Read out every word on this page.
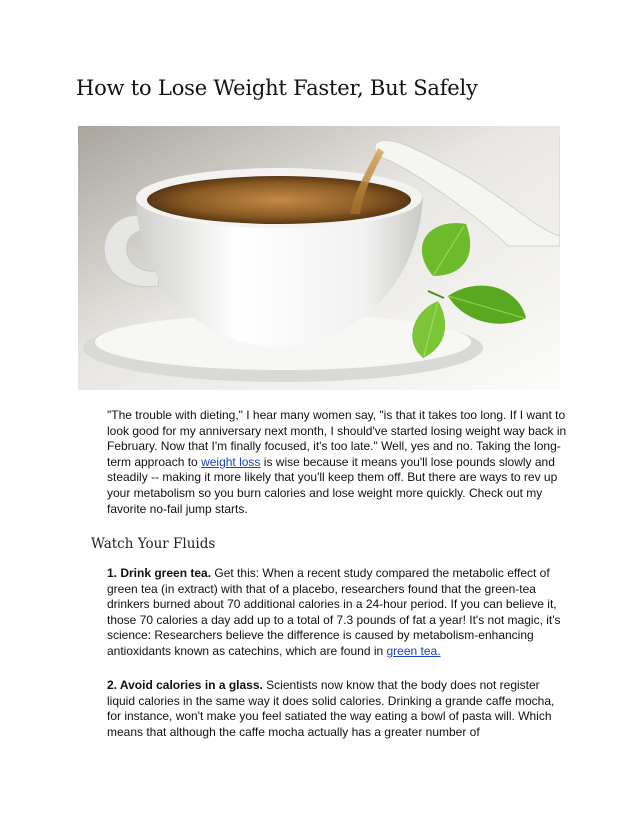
How to Lose Weight Faster, But Safely

"The trouble with dieting," I hear many women say, "is that it takes too long. If I want to look good for my anniversary next month, I should've started losing weight way back in February. Now that I'm finally focused, it's too late." Well, yes and no. Taking the long-term approach to weight loss is wise because it means you'll lose pounds slowly and steadily -- making it more likely that you'll keep them off. But there are ways to rev up your metabolism so you burn calories and lose weight more quickly. Check out my favorite no-fail jump starts.

Watch Your Fluids

1. Drink green tea. Get this: When a recent study compared the metabolic effect of green tea (in extract) with that of a placebo, researchers found that the green-tea drinkers burned about 70 additional calories in a 24-hour period. If you can believe it, those 70 calories a day add up to a total of 7.3 pounds of fat a year! It's not magic, it's science: Researchers believe the difference is caused by metabolism-enhancing antioxidants known as catechins, which are found in green tea.

2. Avoid calories in a glass. Scientists now know that the body does not register liquid calories in the same way it does solid calories. Drinking a grande caffe mocha, for instance, won't make you feel satiated the way eating a bowl of pasta will. Which means that although the caffe mocha actually has a greater number of
